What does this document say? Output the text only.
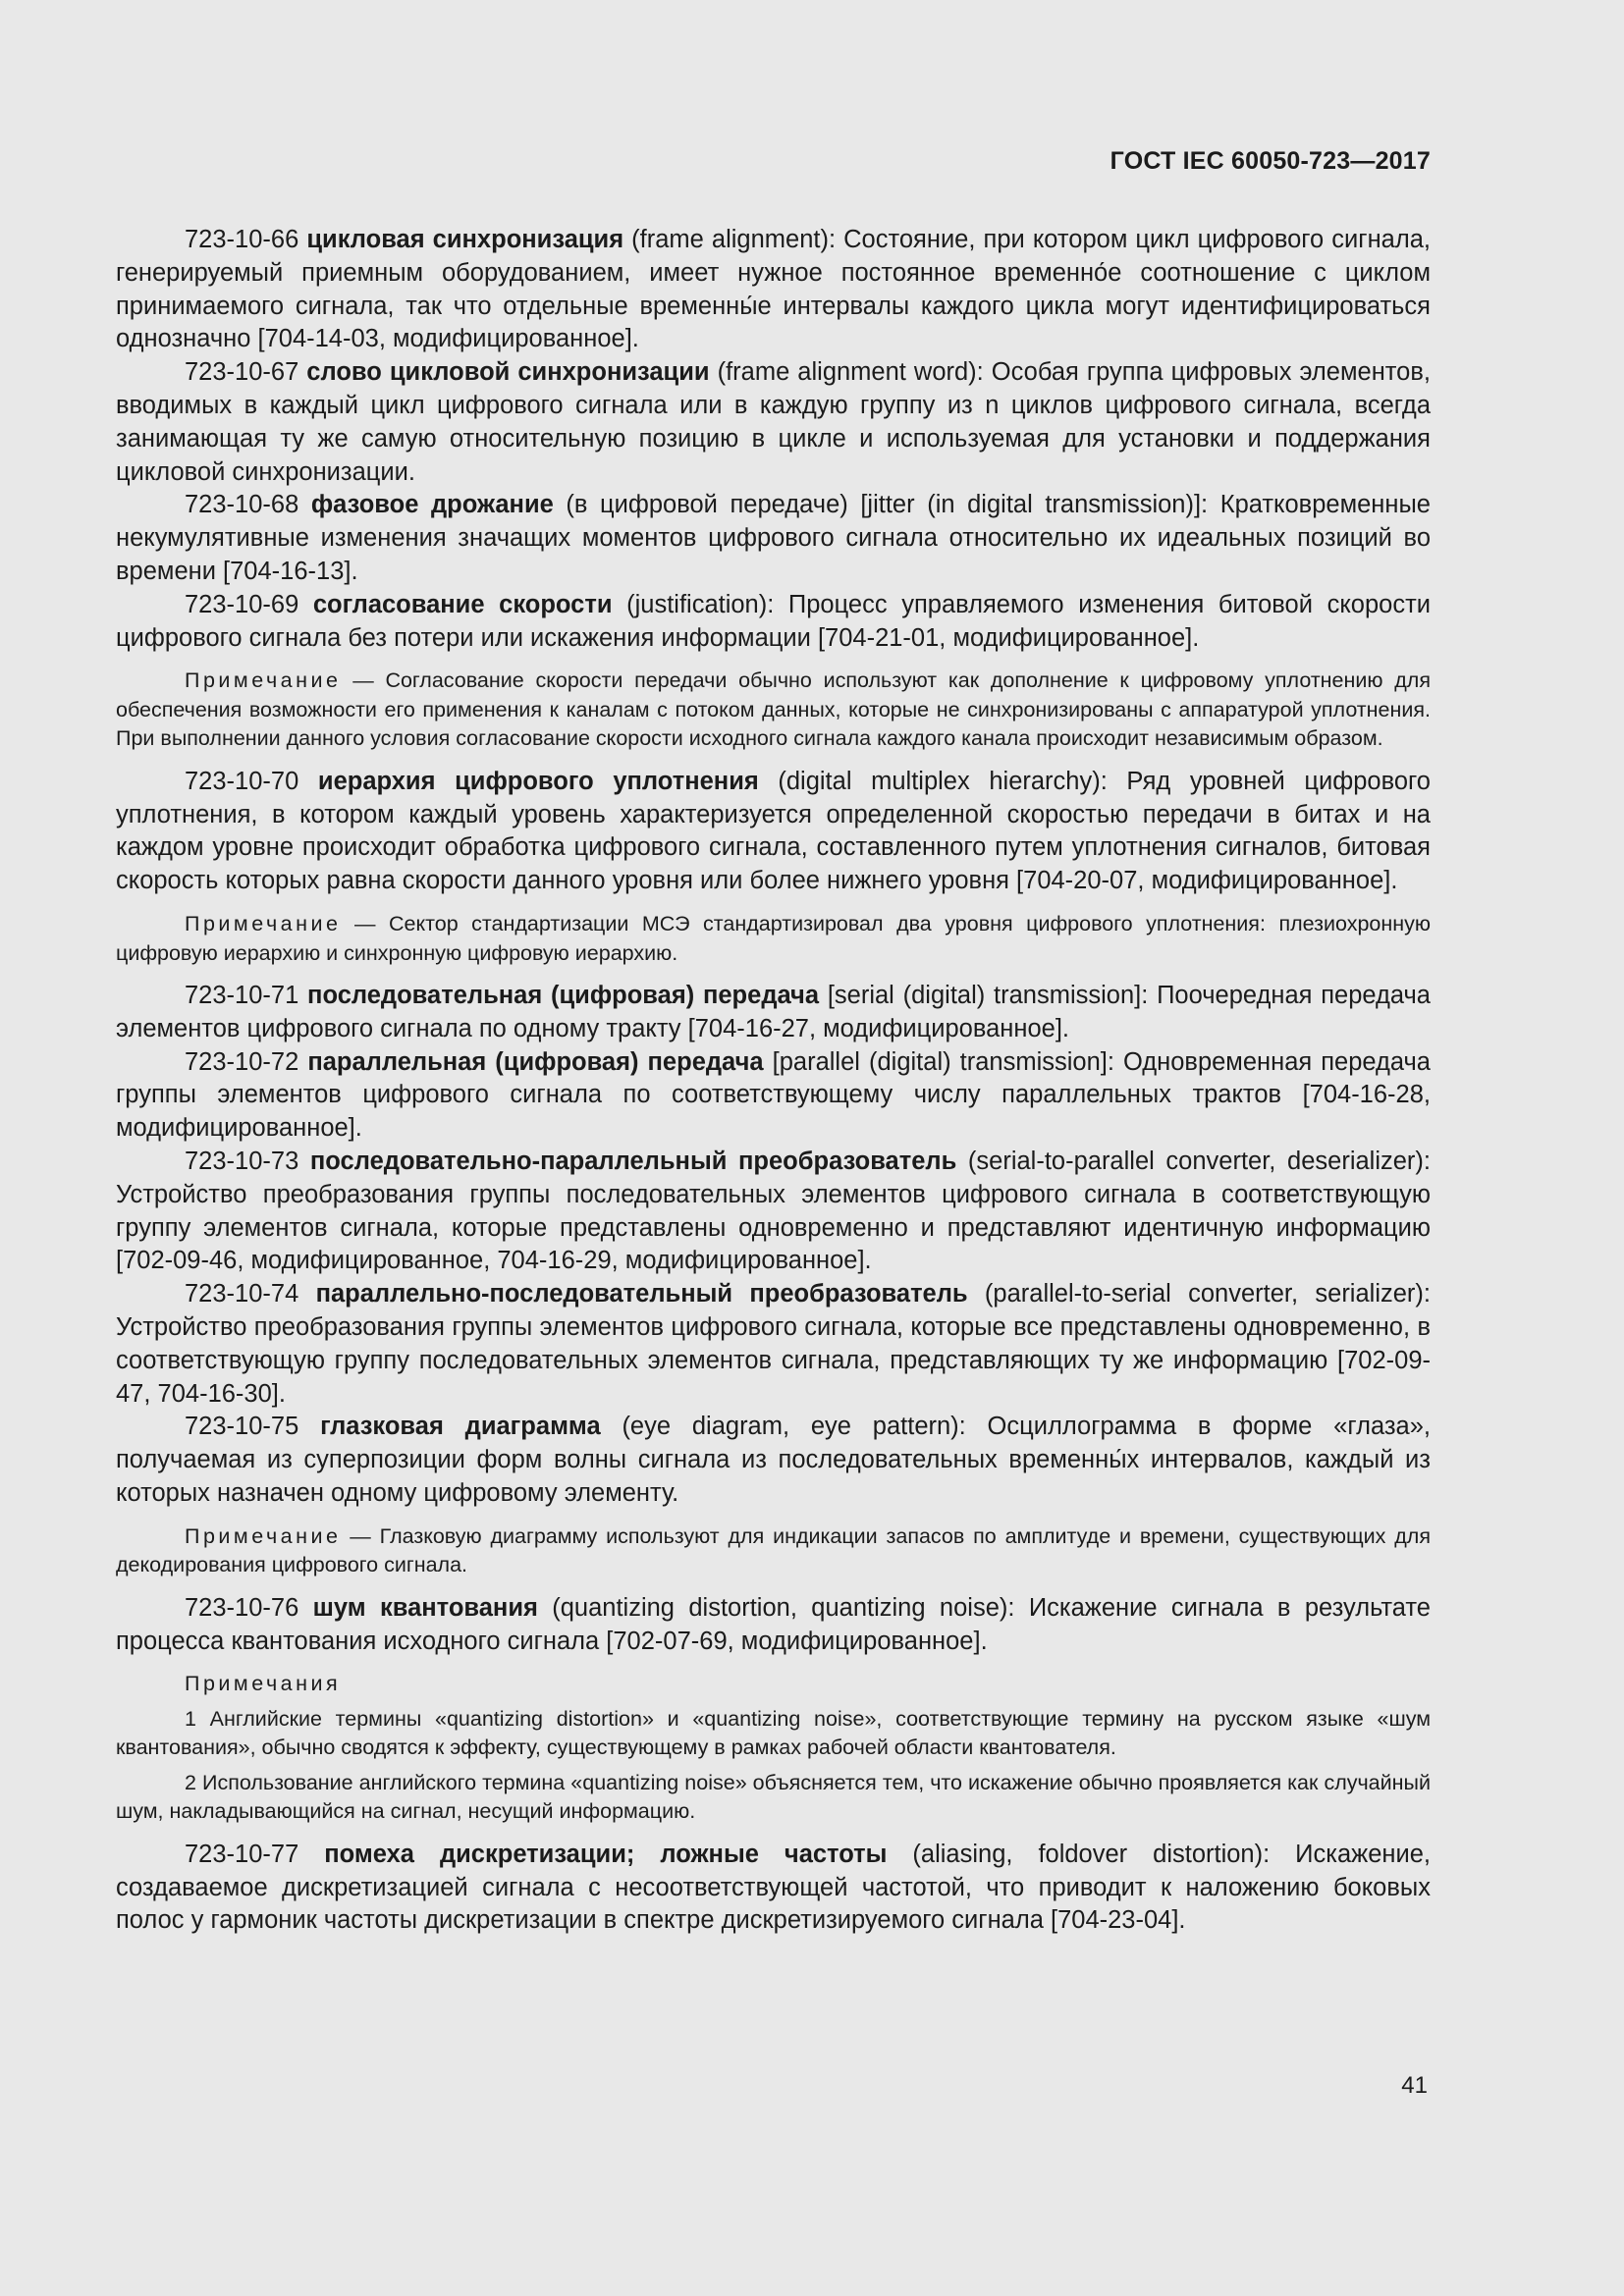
ГОСТ IEC 60050-723—2017

723-10-66 цикловая синхронизация (frame alignment): Состояние, при котором цикл цифрового сигнала, генерируемый приемным оборудованием, имеет нужное постоянное временно́е соотношение с циклом принимаемого сигнала, так что отдельные временны́е интервалы каждого цикла могут идентифицироваться однозначно [704-14-03, модифицированное].

723-10-67 слово цикловой синхронизации (frame alignment word): Особая группа цифровых элементов, вводимых в каждый цикл цифрового сигнала или в каждую группу из n циклов цифрового сигнала, всегда занимающая ту же самую относительную позицию в цикле и используемая для установки и поддержания цикловой синхронизации.

723-10-68 фазовое дрожание (в цифровой передаче) [jitter (in digital transmission)]: Кратковременные некумулятивные изменения значащих моментов цифрового сигнала относительно их идеальных позиций во времени [704-16-13].

723-10-69 согласование скорости (justification): Процесс управляемого изменения битовой скорости цифрового сигнала без потери или искажения информации [704-21-01, модифицированное].

Примечание — Согласование скорости передачи обычно используют как дополнение к цифровому уплотнению для обеспечения возможности его применения к каналам с потоком данных, которые не синхронизированы с аппаратурой уплотнения. При выполнении данного условия согласование скорости исходного сигнала каждого канала происходит независимым образом.

723-10-70 иерархия цифрового уплотнения (digital multiplex hierarchy): Ряд уровней цифрового уплотнения, в котором каждый уровень характеризуется определенной скоростью передачи в битах и на каждом уровне происходит обработка цифрового сигнала, составленного путем уплотнения сигналов, битовая скорость которых равна скорости данного уровня или более нижнего уровня [704-20-07, модифицированное].

Примечание — Сектор стандартизации МСЭ стандартизировал два уровня цифрового уплотнения: плезиохронную цифровую иерархию и синхронную цифровую иерархию.

723-10-71 последовательная (цифровая) передача [serial (digital) transmission]: Поочередная передача элементов цифрового сигнала по одному тракту [704-16-27, модифицированное].

723-10-72 параллельная (цифровая) передача [parallel (digital) transmission]: Одновременная передача группы элементов цифрового сигнала по соответствующему числу параллельных трактов [704-16-28, модифицированное].

723-10-73 последовательно-параллельный преобразователь (serial-to-parallel converter, deserializer): Устройство преобразования группы последовательных элементов цифрового сигнала в соответствующую группу элементов сигнала, которые представлены одновременно и представляют идентичную информацию [702-09-46, модифицированное, 704-16-29, модифицированное].

723-10-74 параллельно-последовательный преобразователь (parallel-to-serial converter, serializer): Устройство преобразования группы элементов цифрового сигнала, которые все представлены одновременно, в соответствующую группу последовательных элементов сигнала, представляющих ту же информацию [702-09-47, 704-16-30].

723-10-75 глазковая диаграмма (eye diagram, eye pattern): Осциллограмма в форме «глаза», получаемая из суперпозиции форм волны сигнала из последовательных временны́х интервалов, каждый из которых назначен одному цифровому элементу.

Примечание — Глазковую диаграмму используют для индикации запасов по амплитуде и времени, существующих для декодирования цифрового сигнала.

723-10-76 шум квантования (quantizing distortion, quantizing noise): Искажение сигнала в результате процесса квантования исходного сигнала [702-07-69, модифицированное].

Примечания

1 Английские термины «quantizing distortion» и «quantizing noise», соответствующие термину на русском языке «шум квантования», обычно сводятся к эффекту, существующему в рамках рабочей области квантователя.

2 Использование английского термина «quantizing noise» объясняется тем, что искажение обычно проявляется как случайный шум, накладывающийся на сигнал, несущий информацию.

723-10-77 помеха дискретизации; ложные частоты (aliasing, foldover distortion): Искажение, создаваемое дискретизацией сигнала с несоответствующей частотой, что приводит к наложению боковых полос у гармоник частоты дискретизации в спектре дискретизируемого сигнала [704-23-04].

41
